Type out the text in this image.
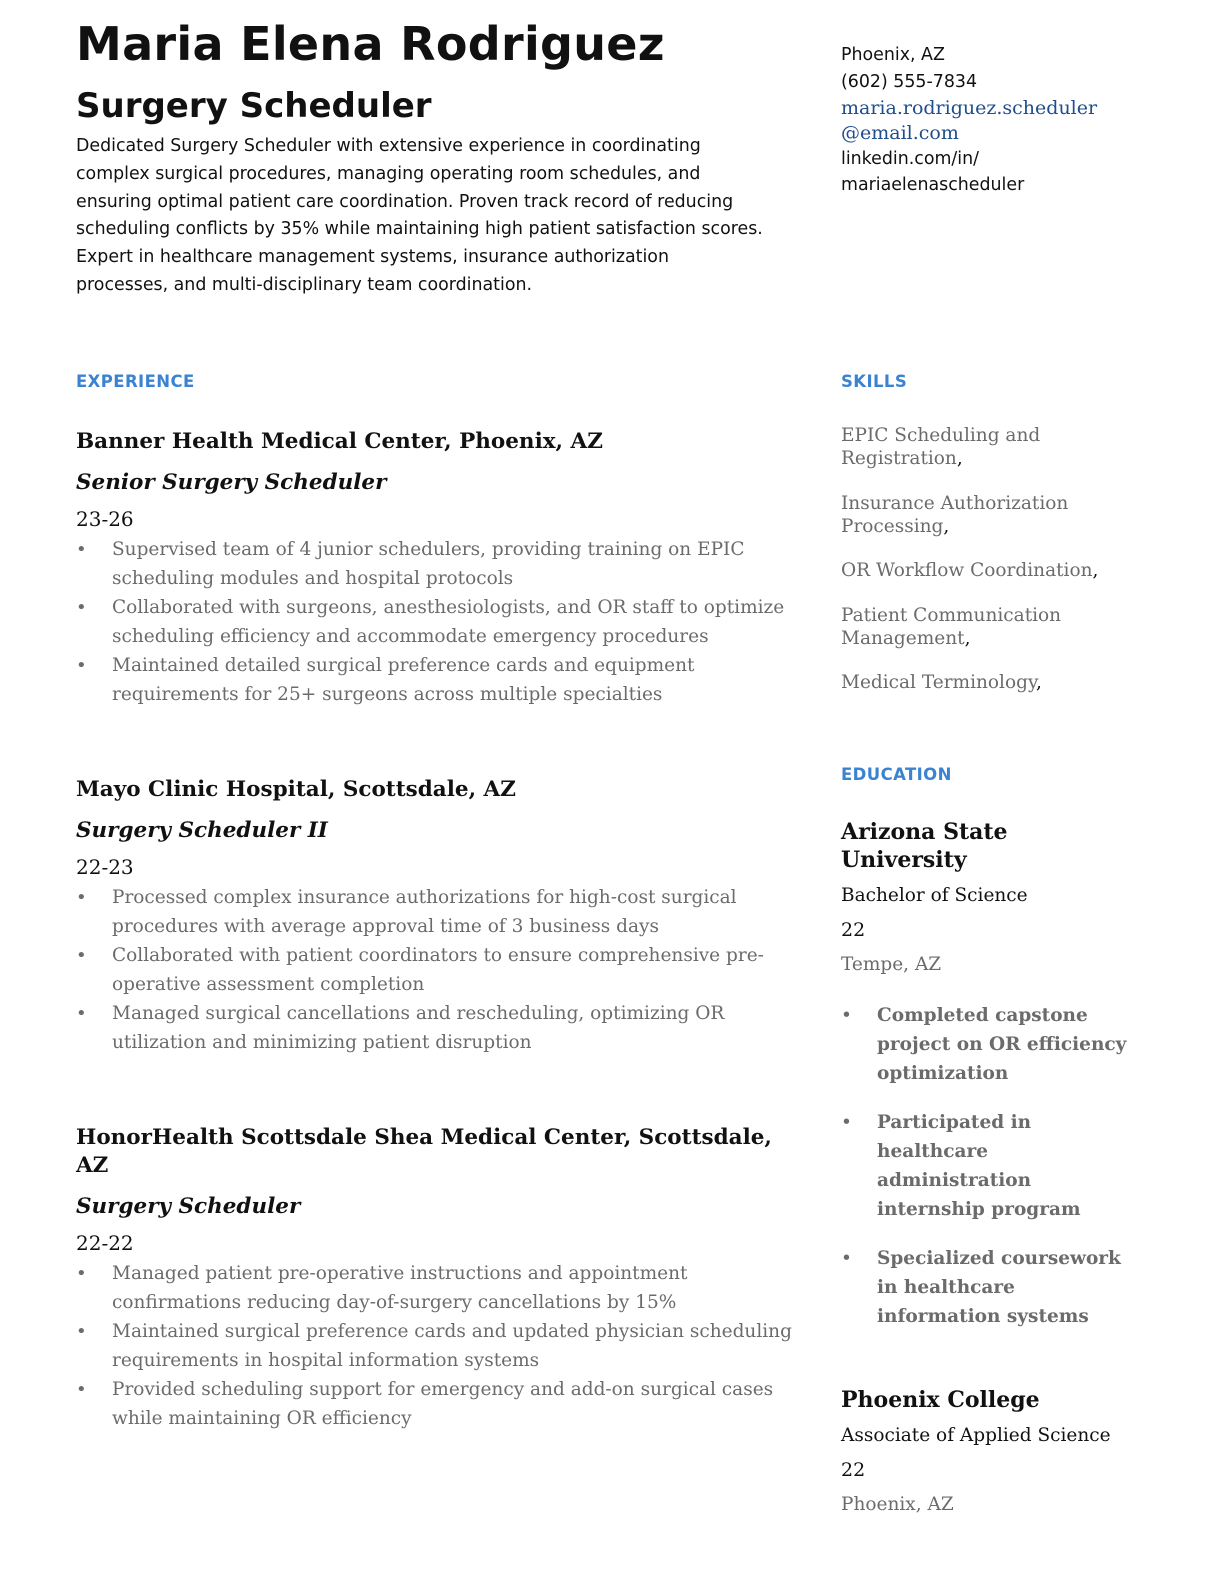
Maria Elena Rodriguez
Surgery Scheduler

Dedicated Surgery Scheduler with extensive experience in coordinating complex surgical procedures, managing operating room schedules, and ensuring optimal patient care coordination. Proven track record of reducing scheduling conflicts by 35% while maintaining high patient satisfaction scores. Expert in healthcare management systems, insurance authorization processes, and multi-disciplinary team coordination.

Phoenix, AZ
(602) 555-7834
maria.rodriguez.scheduler@email.com
linkedin.com/in/
mariaelenascheduler
EXPERIENCE	SKILLS
EDUCATION
Banner Health Medical Center, Phoenix, AZ
Senior Surgery Scheduler
23-26
• Supervised team of 4 junior schedulers, providing training on EPIC scheduling modules and hospital protocols
• Collaborated with surgeons, anesthesiologists, and OR staff to optimize scheduling efficiency and accommodate emergency procedures
• Maintained detailed surgical preference cards and equipment requirements for 25+ surgeons across multiple specialties
Mayo Clinic Hospital, Scottsdale, AZ
Surgery Scheduler II
22-23
• Processed complex insurance authorizations for high-cost surgical procedures with average approval time of 3 business days
• Collaborated with patient coordinators to ensure comprehensive pre-operative assessment completion
• Managed surgical cancellations and rescheduling, optimizing OR utilization and minimizing patient disruption
HonorHealth Scottsdale Shea Medical Center, Scottsdale, AZ
Surgery Scheduler
22-22
• Managed patient pre-operative instructions and appointment confirmations reducing day-of-surgery cancellations by 15%
• Maintained surgical preference cards and updated physician scheduling requirements in hospital information systems
• Provided scheduling support for emergency and add-on surgical cases while maintaining OR efficiency
EPIC Scheduling and Registration,
Insurance Authorization Processing,
OR Workflow Coordination,
Patient Communication Management,
Medical Terminology,
Arizona State University
Bachelor of Science
22
Tempe, AZ
• Completed capstone project on OR efficiency optimization
• Participated in healthcare administration internship program
• Specialized coursework in healthcare information systems
Phoenix College
Associate of Applied Science
22
Phoenix, AZ
